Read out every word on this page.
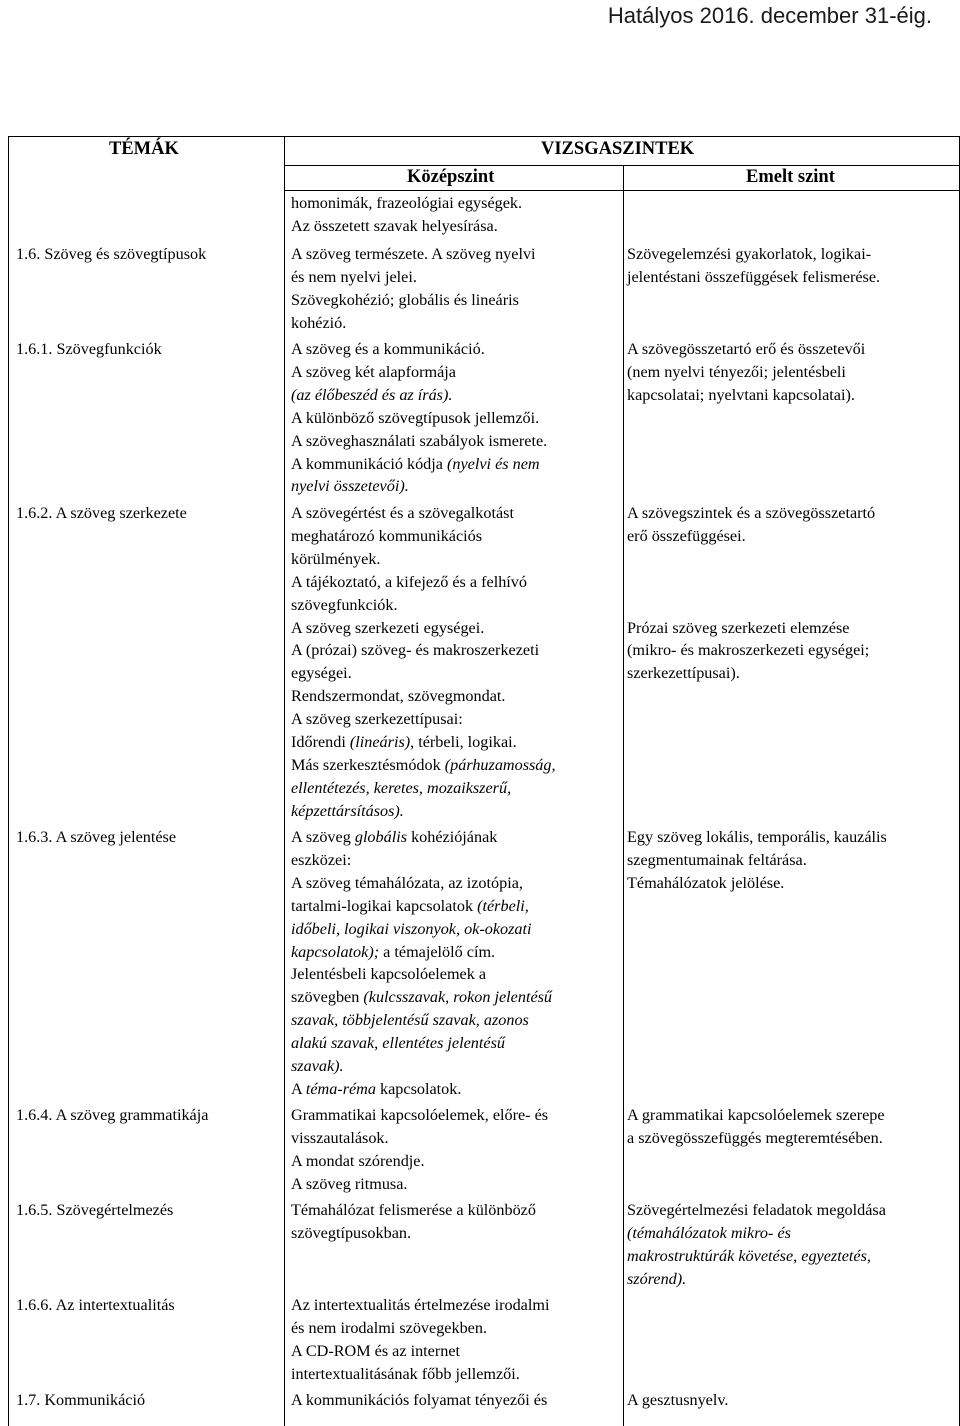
Hatályos 2016. december 31-éig.
TÉMÁK	VIZSGASZINTEK
Középszint	Emelt szint
1.6. Szöveg és szövegtípusok
1.6.1. Szövegfunkciók
1.6.2. A szöveg szerkezete
1.6.3. A szöveg jelentése
1.6.4. A szöveg grammatikája
1.6.5. Szövegértelmezés
1.6.6. Az intertextualitás
1.7. Kommunikáció
homonimák, frazeológiai egységek.
Az összetett szavak helyesírása.
A szöveg természete. A szöveg nyelvi
és nem nyelvi jelei.
Szövegkohézió; globális és lineáris
kohézió.
A szöveg és a kommunikáció.
A szöveg két alapformája
(az élőbeszéd és az írás).
A különböző szövegtípusok jellemzői.
A szöveghasználati szabályok ismerete.
A kommunikáció kódja (nyelvi és nem
nyelvi összetevői).
A szövegértést és a szövegalkotást
meghatározó kommunikációs
körülmények.
A tájékoztató, a kifejező és a felhívó
szövegfunkciók.
A szöveg szerkezeti egységei.
A (prózai) szöveg- és makroszerkezeti
egységei.
Rendszermondat, szövegmondat.
A szöveg szerkezettípusai:
Időrendi (lineáris), térbeli, logikai.
Más szerkesztésmódok (párhuzamosság,
ellentétezés, keretes, mozaikszerű,
képzettársításos).
A szöveg globális kohéziójának
eszközei:
A szöveg témahálózata, az izotópia,
tartalmi-logikai kapcsolatok (térbeli,
időbeli, logikai viszonyok, ok-okozati
kapcsolatok); a témajelölő cím.
Jelentésbeli kapcsolóelemek a
szövegben (kulcsszavak, rokon jelentésű
szavak, többjelentésű szavak, azonos
alakú szavak, ellentétes jelentésű
szavak).
A téma-réma kapcsolatok.
Grammatikai kapcsolóelemek, előre- és
visszautalások.
A mondat szórendje.
A szöveg ritmusa.
Témahálózat felismerése a különböző
szövegtípusokban.
Az intertextualitás értelmezése irodalmi
és nem irodalmi szövegekben.
A CD-ROM és az internet
intertextualitásának főbb jellemzői.
A kommunikációs folyamat tényezői és
Szövegelemzési gyakorlatok, logikai-
jelentéstani összefüggések felismerése.
A szövegösszetartó erő és összetevői
(nem nyelvi tényezői; jelentésbeli
kapcsolatai; nyelvtani kapcsolatai).
A szövegszintek és a szövegösszetartó
erő összefüggései.

Prózai szöveg szerkezeti elemzése
(mikro- és makroszerkezeti egységei;
szerkezettípusai).
Egy szöveg lokális, temporális, kauzális
szegmentumainak feltárása.
Témahálózatok jelölése.
A grammatikai kapcsolóelemek szerepe
a szövegösszefüggés megteremtésében.
Szövegértelmezési feladatok megoldása
(témahálózatok mikro- és
makrostruktúrák követése, egyeztetés,
szórend).
A gesztusnyelv.
